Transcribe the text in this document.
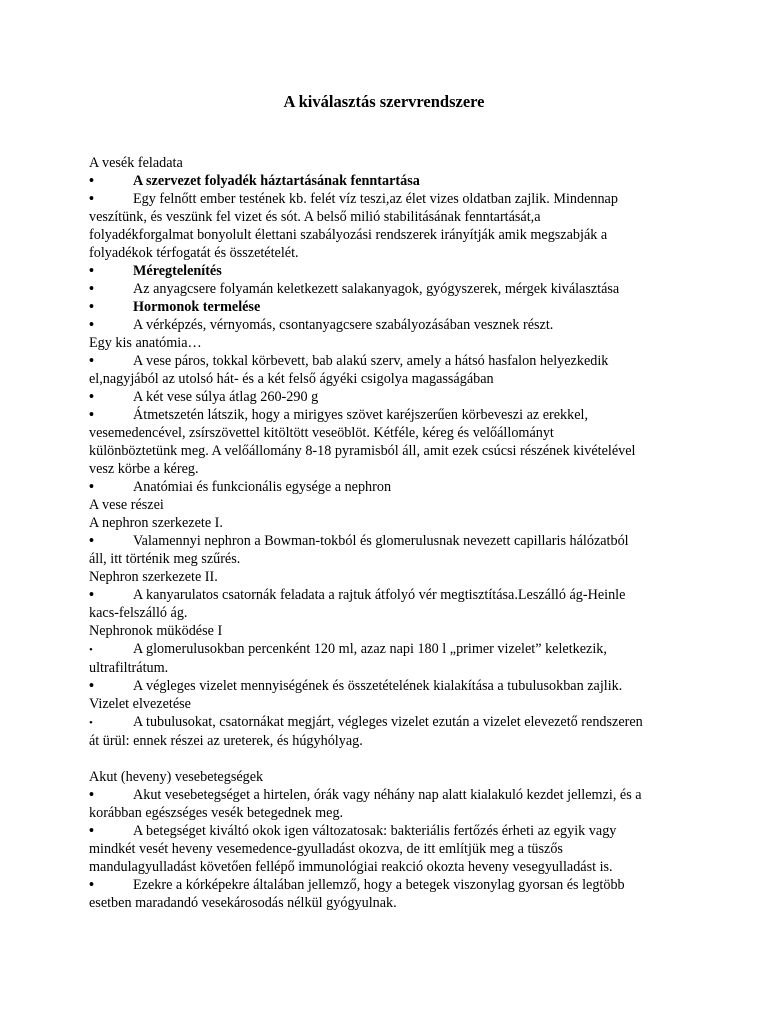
A kiválasztás szervrendszere
A vesék feladata
•	A szervezet folyadék háztartásának fenntartása
•	Egy felnőtt ember testének kb. felét víz teszi,az élet vizes oldatban zajlik. Mindennap
veszítünk, és veszünk fel vizet és sót. A belső milió stabilitásának fenntartását,a
folyadékforgalmat bonyolult élettani szabályozási rendszerek irányítják amik megszabják a
folyadékok térfogatát és összetételét.
•	Méregtelenítés
•	Az anyagcsere folyamán keletkezett salakanyagok, gyógyszerek, mérgek kiválasztása
•	Hormonok termelése
•	A vérképzés, vérnyomás, csontanyagcsere szabályozásában vesznek részt.
Egy kis anatómia…
•	A vese páros, tokkal körbevett, bab alakú szerv, amely a hátsó hasfalon helyezkedik
el,nagyjából az utolsó hát- és a két felső ágyéki csigolya magasságában
•	A két vese súlya átlag 260-290 g
•	Átmetszetén látszik, hogy a mirigyes szövet karéjszerűen körbeveszi az erekkel,
vesemedencével, zsírszövettel kitöltött veseöblöt. Kétféle, kéreg és velőállományt
különböztetünk meg. A velőállomány 8-18 pyramisból áll, amit ezek csúcsi részének kivételével
vesz körbe a kéreg.
•	Anatómiai és funkcionális egysége a nephron
A vese részei
A nephron szerkezete I.
•	Valamennyi nephron a Bowman-tokból és glomerulusnak nevezett capillaris hálózatból
áll, itt történik meg szűrés.
Nephron szerkezete II.
•	A kanyarulatos csatornák feladata a rajtuk átfolyó vér megtisztítása.Leszálló ág-Heinle
kacs-felszálló ág.
Nephronok müködése I
•	A glomerulusokban percenként 120 ml, azaz napi 180 l „primer vizelet” keletkezik,
ultrafiltrátum.
•	A végleges vizelet mennyiségének és összetételének kialakítása a tubulusokban zajlik.
Vizelet elvezetése
•	A tubulusokat, csatornákat megjárt, végleges vizelet ezután a vizelet elevezető rendszeren
át ürül: ennek részei az ureterek, és húgyhólyag.
Akut (heveny) vesebetegségek
•	Akut vesebetegséget a hirtelen, órák vagy néhány nap alatt kialakuló kezdet jellemzi, és a
korábban egészséges vesék betegednek meg.
•	A betegséget kiváltó okok igen változatosak: bakteriális fertőzés érheti az egyik vagy
mindkét vesét heveny vesemedence-gyulladást okozva, de itt említjük meg a tüszős
mandulagyulladást követően fellépő immunológiai reakció okozta heveny vesegyulladást is.
•	Ezekre a kórképekre általában jellemző, hogy a betegek viszonylag gyorsan és legtöbb
esetben maradandó vesekárosodás nélkül gyógyulnak.
